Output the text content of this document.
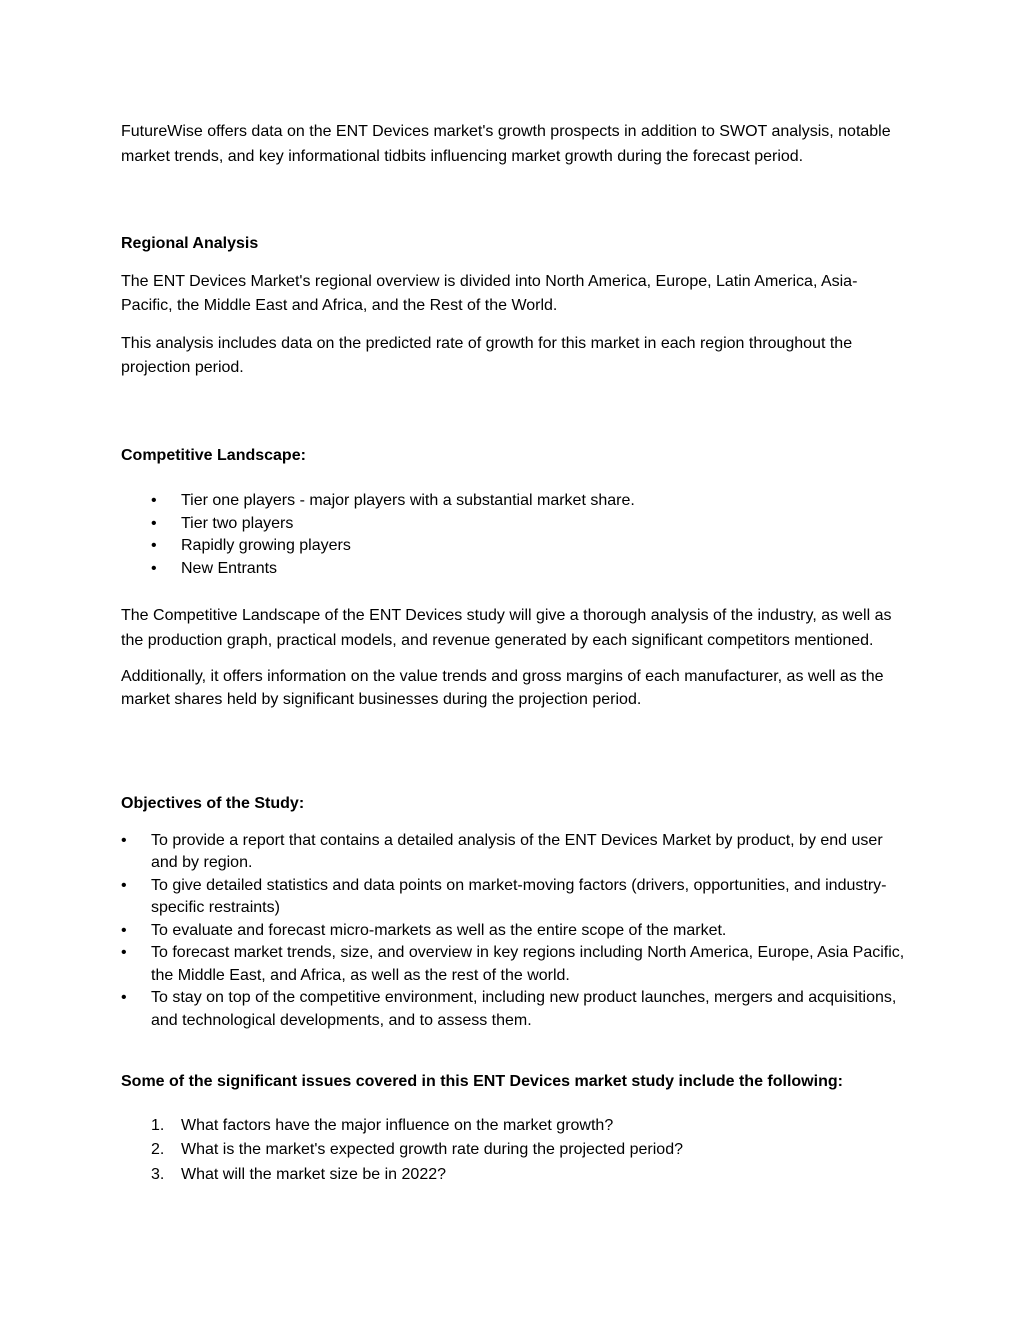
FutureWise offers data on the ENT Devices market's growth prospects in addition to SWOT analysis, notable market trends, and key informational tidbits influencing market growth during the forecast period.

Regional Analysis

The ENT Devices Market's regional overview is divided into North America, Europe, Latin America, Asia-Pacific, the Middle East and Africa, and the Rest of the World.

This analysis includes data on the predicted rate of growth for this market in each region throughout the projection period.

Competitive Landscape:

• Tier one players - major players with a substantial market share.
• Tier two players
• Rapidly growing players
• New Entrants

The Competitive Landscape of the ENT Devices study will give a thorough analysis of the industry, as well as the production graph, practical models, and revenue generated by each significant competitors mentioned.

Additionally, it offers information on the value trends and gross margins of each manufacturer, as well as the market shares held by significant businesses during the projection period.

Objectives of the Study:

• To provide a report that contains a detailed analysis of the ENT Devices Market by product, by end user and by region.
• To give detailed statistics and data points on market-moving factors (drivers, opportunities, and industry-specific restraints)
• To evaluate and forecast micro-markets as well as the entire scope of the market.
• To forecast market trends, size, and overview in key regions including North America, Europe, Asia Pacific, the Middle East, and Africa, as well as the rest of the world.
• To stay on top of the competitive environment, including new product launches, mergers and acquisitions, and technological developments, and to assess them.

Some of the significant issues covered in this ENT Devices market study include the following:

1. What factors have the major influence on the market growth?
2. What is the market's expected growth rate during the projected period?
3. What will the market size be in 2022?
